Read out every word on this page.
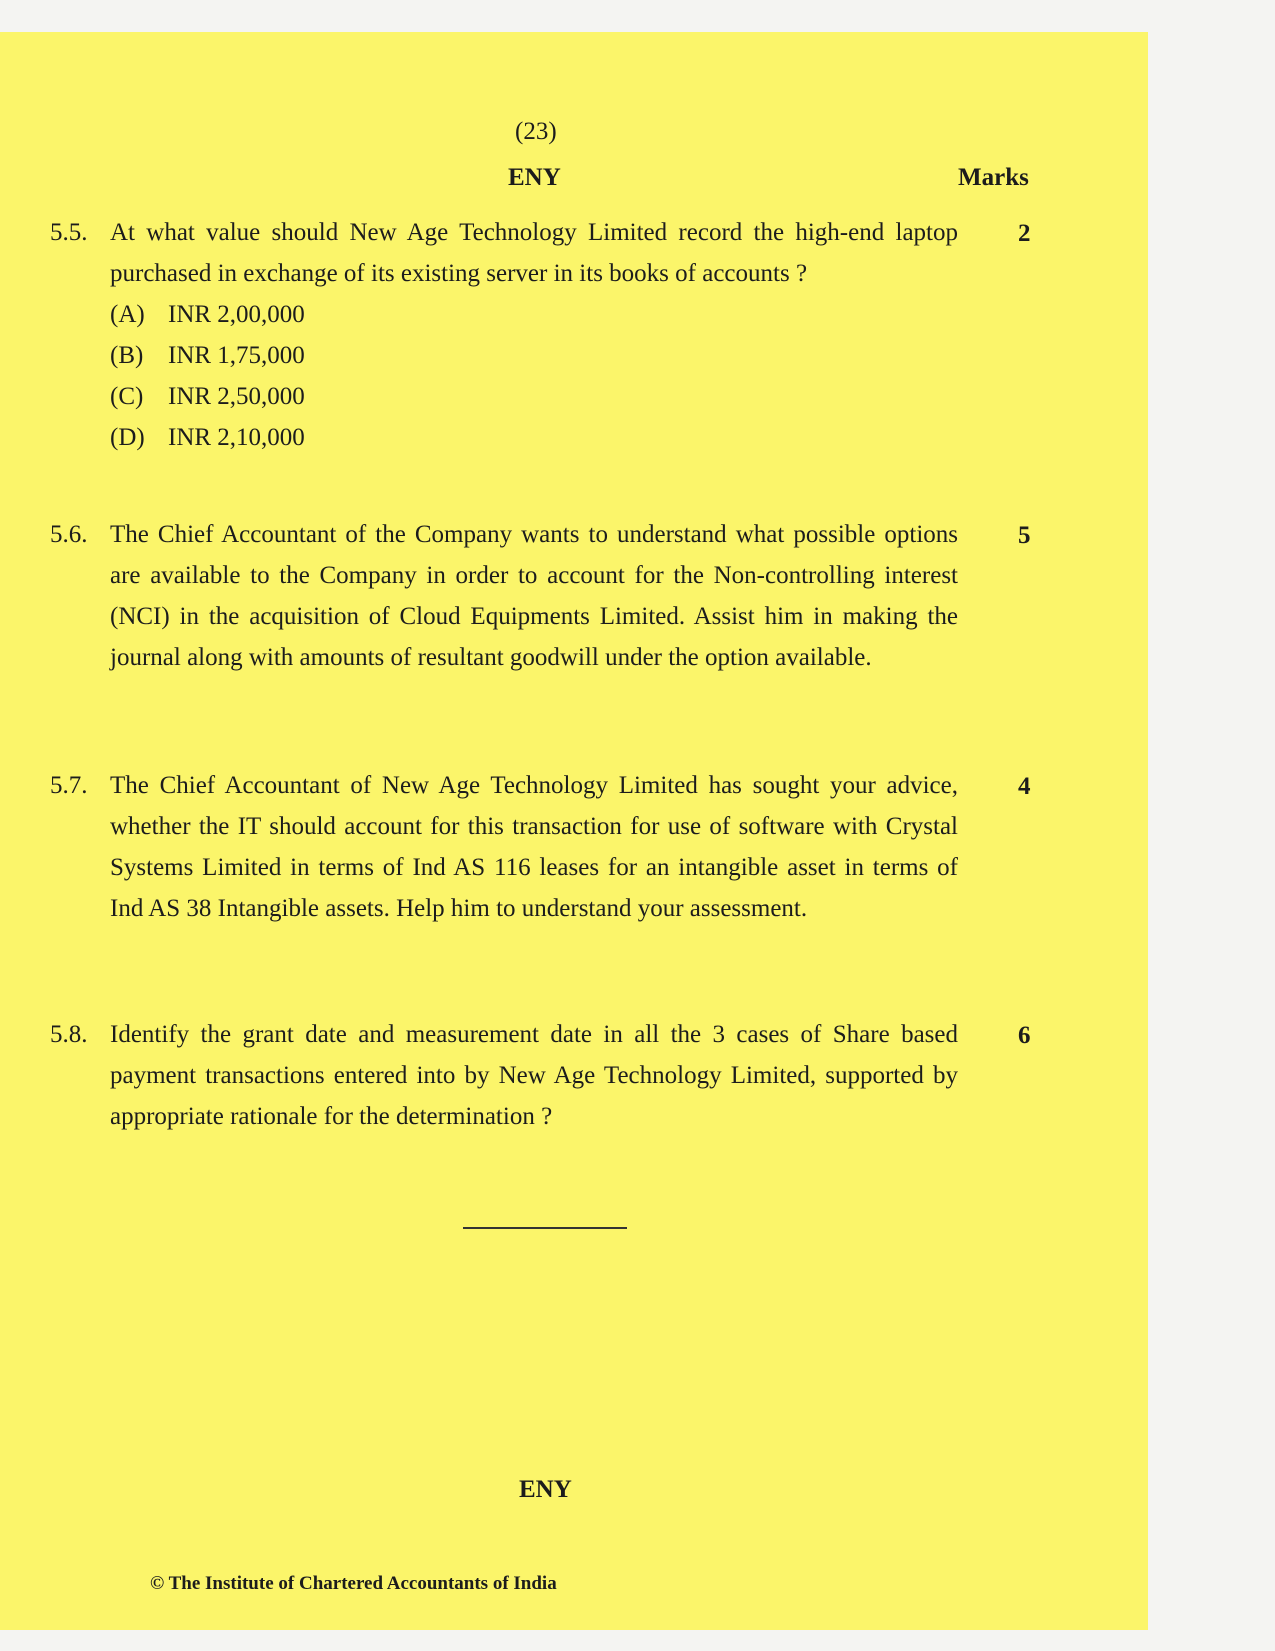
(23)
ENY	Marks
5.5. At what value should New Age Technology Limited record the high-end laptop purchased in exchange of its existing server in its books of accounts ?

2
(A) INR 2,00,000
(B) INR 1,75,000
(C) INR 2,50,000
(D) INR 2,10,000
5.6. The Chief Accountant of the Company wants to understand what possible options are available to the Company in order to account for the Non-controlling interest (NCI) in the acquisition of Cloud Equipments Limited. Assist him in making the journal along with amounts of resultant goodwill under the option available.

5
5.7. The Chief Accountant of New Age Technology Limited has sought your advice, whether the IT should account for this transaction for use of software with Crystal Systems Limited in terms of Ind AS 116 leases for an intangible asset in terms of Ind AS 38 Intangible assets. Help him to understand your assessment.

4
5.8. Identify the grant date and measurement date in all the 3 cases of Share based payment transactions entered into by New Age Technology Limited, supported by appropriate rationale for the determination ?

6
ENY
© The Institute of Chartered Accountants of India
